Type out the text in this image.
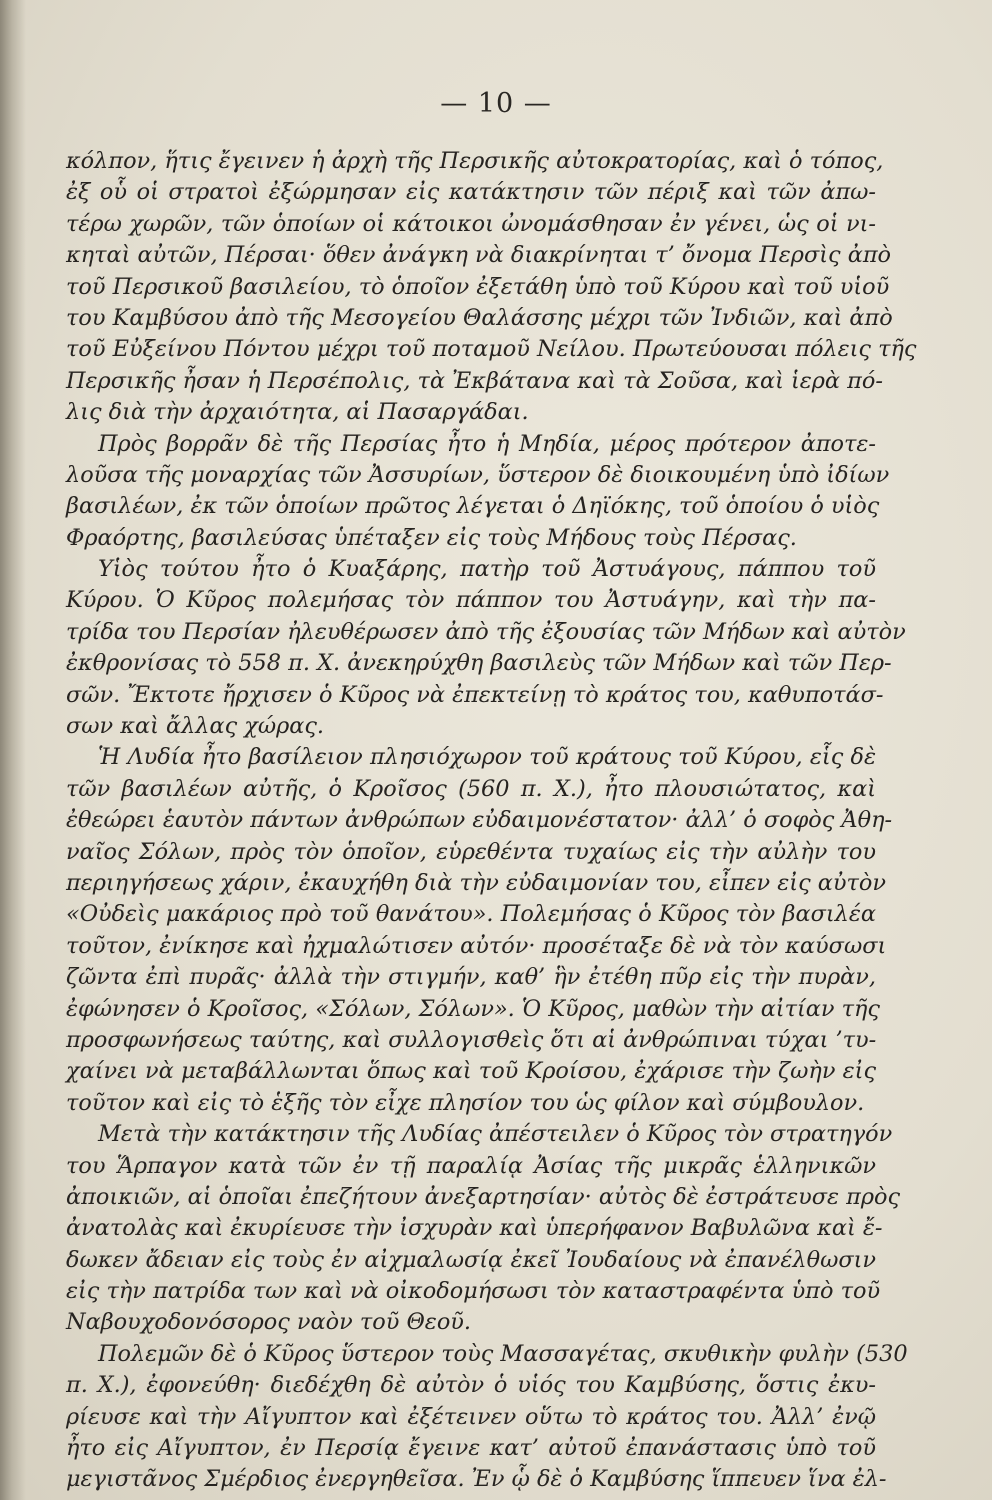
— 10 —
κόλπον, ἥτις ἔγεινεν ἡ ἀρχὴ τῆς Περσικῆς αὐτοκρατορίας, καὶ ὁ τόπος,
ἐξ οὗ οἱ στρατοὶ ἐξώρμησαν εἰς κατάκτησιν τῶν πέριξ καὶ τῶν ἀπω-
τέρω χωρῶν, τῶν ὁποίων οἱ κάτοικοι ὠνομάσθησαν ἐν γένει, ὡς οἱ νι-
κηταὶ αὐτῶν, Πέρσαι· ὅθεν ἀνάγκη νὰ διακρίνηται τ’ ὄνομα Περσὶς ἀπὸ
τοῦ Περσικοῦ βασιλείου, τὸ ὁποῖον ἐξετάθη ὑπὸ τοῦ Κύρου καὶ τοῦ υἱοῦ
του Καμβύσου ἀπὸ τῆς Μεσογείου Θαλάσσης μέχρι τῶν Ἰνδιῶν, καὶ ἀπὸ
τοῦ Εὐξείνου Πόντου μέχρι τοῦ ποταμοῦ Νείλου. Πρωτεύουσαι πόλεις τῆς
Περσικῆς ἦσαν ἡ Περσέπολις, τὰ Ἐκβάτανα καὶ τὰ Σοῦσα, καὶ ἱερὰ πό-
λις διὰ τὴν ἀρχαιότητα, αἱ Πασαργάδαι.
Πρὸς βορρᾶν δὲ τῆς Περσίας ἦτο ἡ Μηδία, μέρος πρότερον ἀποτε-
λοῦσα τῆς μοναρχίας τῶν Ἀσσυρίων, ὕστερον δὲ διοικουμένη ὑπὸ ἰδίων
βασιλέων, ἐκ τῶν ὁποίων πρῶτος λέγεται ὁ Δηϊόκης, τοῦ ὁποίου ὁ υἱὸς
Φραόρτης, βασιλεύσας ὑπέταξεν εἰς τοὺς Μήδους τοὺς Πέρσας.
Υἱὸς τούτου ἦτο ὁ Κυαξάρης, πατὴρ τοῦ Ἀστυάγους, πάππου τοῦ
Κύρου. Ὁ Κῦρος πολεμήσας τὸν πάππον του Ἀστυάγην, καὶ τὴν πα-
τρίδα του Περσίαν ἠλευθέρωσεν ἀπὸ τῆς ἐξουσίας τῶν Μήδων καὶ αὐτὸν
ἐκθρονίσας τὸ 558 π. Χ. ἀνεκηρύχθη βασιλεὺς τῶν Μήδων καὶ τῶν Περ-
σῶν. Ἔκτοτε ἤρχισεν ὁ Κῦρος νὰ ἐπεκτείνῃ τὸ κράτος του, καθυποτάσ-
σων καὶ ἄλλας χώρας.
Ἡ Λυδία ἦτο βασίλειον πλησιόχωρον τοῦ κράτους τοῦ Κύρου, εἷς δὲ
τῶν βασιλέων αὐτῆς, ὁ Κροῖσος (560 π. Χ.), ἦτο πλουσιώτατος, καὶ
ἐθεώρει ἑαυτὸν πάντων ἀνθρώπων εὐδαιμονέστατον· ἀλλ’ ὁ σοφὸς Ἀθη-
ναῖος Σόλων, πρὸς τὸν ὁποῖον, εὑρεθέντα τυχαίως εἰς τὴν αὐλὴν του
περιηγήσεως χάριν, ἐκαυχήθη διὰ τὴν εὐδαιμονίαν του, εἶπεν εἰς αὐτὸν
«Οὐδεὶς μακάριος πρὸ τοῦ θανάτου». Πολεμήσας ὁ Κῦρος τὸν βασιλέα
τοῦτον, ἐνίκησε καὶ ἠχμαλώτισεν αὐτόν· προσέταξε δὲ νὰ τὸν καύσωσι
ζῶντα ἐπὶ πυρᾶς· ἀλλὰ τὴν στιγμήν, καθ’ ἣν ἐτέθη πῦρ εἰς τὴν πυρὰν,
ἐφώνησεν ὁ Κροῖσος, «Σόλων, Σόλων». Ὁ Κῦρος, μαθὼν τὴν αἰτίαν τῆς
προσφωνήσεως ταύτης, καὶ συλλογισθεὶς ὅτι αἱ ἀνθρώπιναι τύχαι ’τυ-
χαίνει νὰ μεταβάλλωνται ὅπως καὶ τοῦ Κροίσου, ἐχάρισε τὴν ζωὴν εἰς
τοῦτον καὶ εἰς τὸ ἑξῆς τὸν εἶχε πλησίον του ὡς φίλον καὶ σύμβουλον.
Μετὰ τὴν κατάκτησιν τῆς Λυδίας ἀπέστειλεν ὁ Κῦρος τὸν στρατηγόν
του Ἅρπαγον κατὰ τῶν ἐν τῇ παραλίᾳ Ἀσίας τῆς μικρᾶς ἑλληνικῶν
ἀποικιῶν, αἱ ὁποῖαι ἐπεζήτουν ἀνεξαρτησίαν· αὐτὸς δὲ ἐστράτευσε πρὸς
ἀνατολὰς καὶ ἐκυρίευσε τὴν ἰσχυρὰν καὶ ὑπερήφανον Βαβυλῶνα καὶ ἔ-
δωκεν ἄδειαν εἰς τοὺς ἐν αἰχμαλωσίᾳ ἐκεῖ Ἰουδαίους νὰ ἐπανέλθωσιν
εἰς τὴν πατρίδα των καὶ νὰ οἰκοδομήσωσι τὸν καταστραφέντα ὑπὸ τοῦ
Ναβουχοδονόσορος ναὸν τοῦ Θεοῦ.
Πολεμῶν δὲ ὁ Κῦρος ὕστερον τοὺς Μασσαγέτας, σκυθικὴν φυλὴν (530
π. Χ.), ἐφονεύθη· διεδέχθη δὲ αὐτὸν ὁ υἱός του Καμβύσης, ὅστις ἐκυ-
ρίευσε καὶ τὴν Αἴγυπτον καὶ ἐξέτεινεν οὕτω τὸ κράτος του. Ἀλλ’ ἐνῷ
ἦτο εἰς Αἴγυπτον, ἐν Περσίᾳ ἔγεινε κατ’ αὐτοῦ ἐπανάστασις ὑπὸ τοῦ
μεγιστᾶνος Σμέρδιος ἐνεργηθεῖσα. Ἐν ᾧ δὲ ὁ Καμβύσης ἵππευεν ἵνα ἐλ-
